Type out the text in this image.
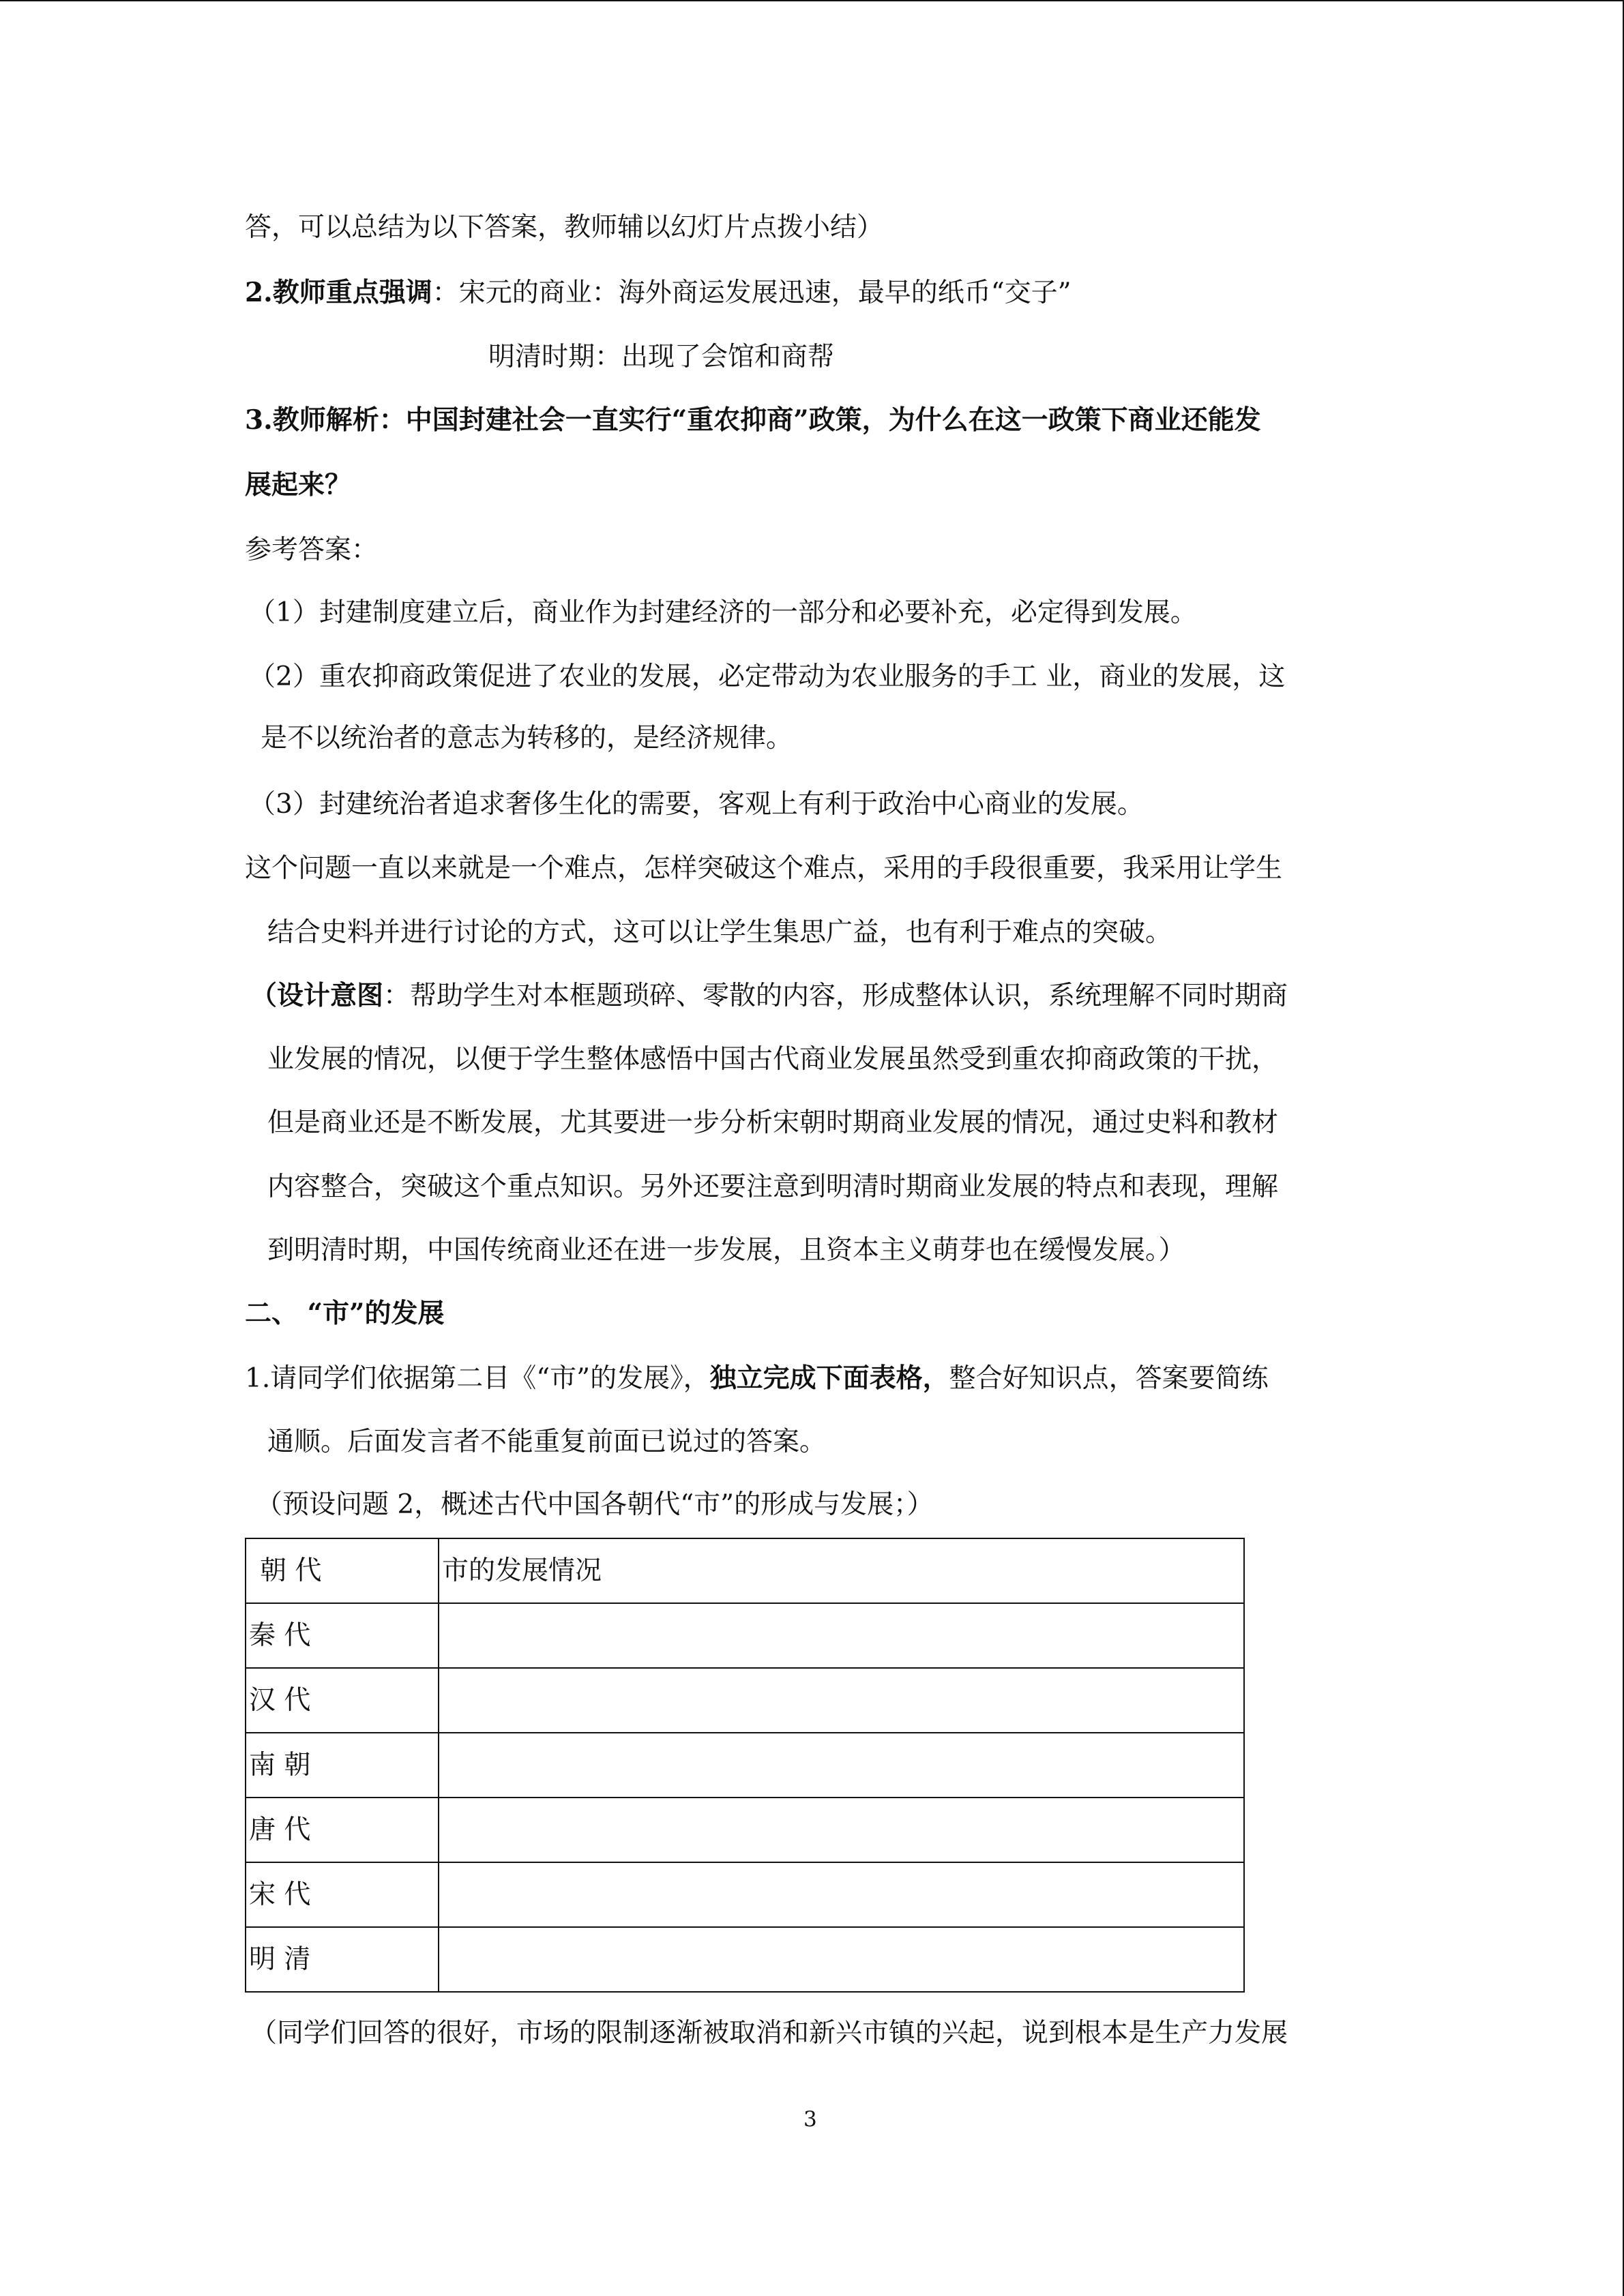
答，可以总结为以下答案，教师辅以幻灯片点拨小结）
2.教师重点强调：宋元的商业：海外商运发展迅速，最早的纸币“交子”
明清时期：出现了会馆和商帮
3.教师解析：中国封建社会一直实行“重农抑商”政策，为什么在这一政策下商业还能发
展起来？
参考答案：
（1）封建制度建立后，商业作为封建经济的一部分和必要补充，必定得到发展。
（2）重农抑商政策促进了农业的发展，必定带动为农业服务的手工 业，商业的发展，这
是不以统治者的意志为转移的，是经济规律。
（3）封建统治者追求奢侈生化的需要，客观上有利于政治中心商业的发展。
这个问题一直以来就是一个难点，怎样突破这个难点，采用的手段很重要，我采用让学生
结合史料并进行讨论的方式，这可以让学生集思广益，也有利于难点的突破。
（设计意图：帮助学生对本框题琐碎、零散的内容，形成整体认识，系统理解不同时期商
业发展的情况，以便于学生整体感悟中国古代商业发展虽然受到重农抑商政策的干扰，
但是商业还是不断发展，尤其要进一步分析宋朝时期商业发展的情况，通过史料和教材
内容整合，突破这个重点知识。另外还要注意到明清时期商业发展的特点和表现，理解
到明清时期，中国传统商业还在进一步发展，且资本主义萌芽也在缓慢发展。）
二、 “市”的发展
1.请同学们依据第二目《“市”的发展》，独立完成下面表格，整合好知识点，答案要简练
通顺。后面发言者不能重复前面已说过的答案。
（预设问题 2，概述古代中国各朝代“市”的形成与发展；）
朝 代	市的发展情况
秦 代	
汉 代	
南 朝	
唐 代	
宋 代	
明 清	
（同学们回答的很好，市场的限制逐渐被取消和新兴市镇的兴起，说到根本是生产力发展
3
